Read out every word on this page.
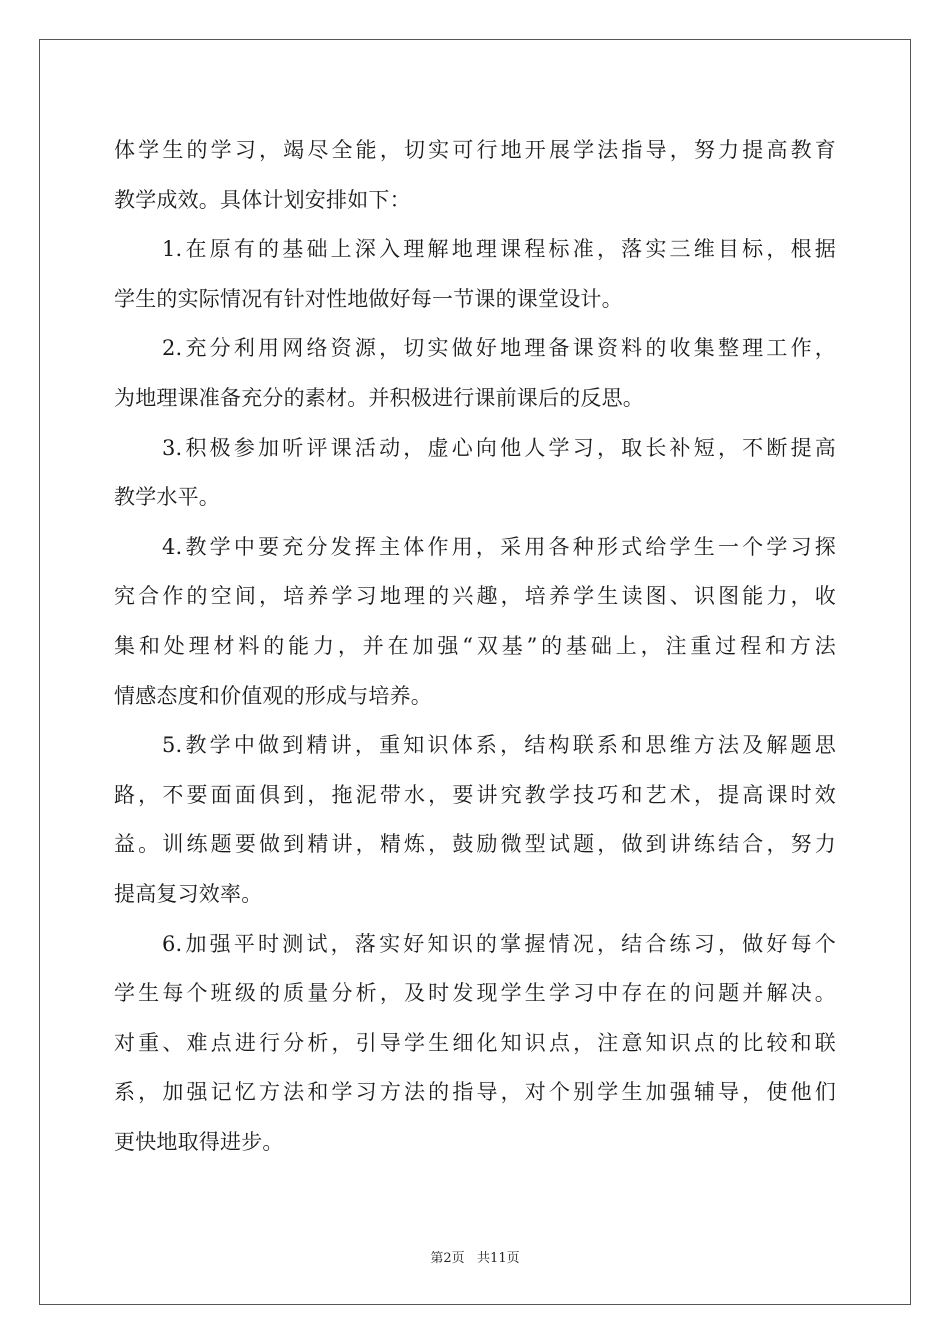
体学生的学习，竭尽全能，切实可行地开展学法指导，努力提高教育
教学成效。具体计划安排如下：
1.在原有的基础上深入理解地理课程标准，落实三维目标，根据
学生的实际情况有针对性地做好每一节课的课堂设计。
2.充分利用网络资源，切实做好地理备课资料的收集整理工作，
为地理课准备充分的素材。并积极进行课前课后的反思。
3.积极参加听评课活动，虚心向他人学习，取长补短，不断提高
教学水平。
4.教学中要充分发挥主体作用，采用各种形式给学生一个学习探
究合作的空间，培养学习地理的兴趣，培养学生读图、识图能力，收
集和处理材料的能力，并在加强“双基”的基础上，注重过程和方法
情感态度和价值观的形成与培养。
5.教学中做到精讲，重知识体系，结构联系和思维方法及解题思
路，不要面面俱到，拖泥带水，要讲究教学技巧和艺术，提高课时效
益。训练题要做到精讲，精炼，鼓励微型试题，做到讲练结合，努力
提高复习效率。
6.加强平时测试，落实好知识的掌握情况，结合练习，做好每个
学生每个班级的质量分析，及时发现学生学习中存在的问题并解决。
对重、难点进行分析，引导学生细化知识点，注意知识点的比较和联
系，加强记忆方法和学习方法的指导，对个别学生加强辅导，使他们
更快地取得进步。
第2页   共11页
